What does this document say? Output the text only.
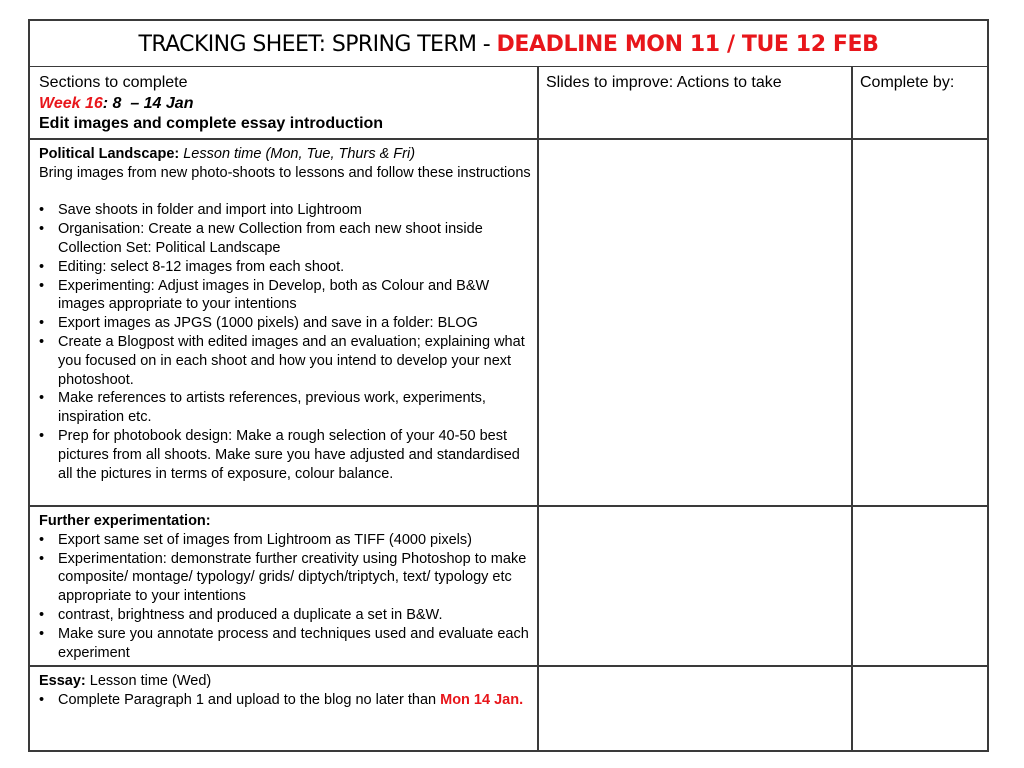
TRACKING SHEET: SPRING TERM - DEADLINE MON 11 / TUE 12 FEB
Sections to complete
Week 16: 8  – 14 Jan
Edit images and complete essay introduction
Slides to improve: Actions to take	Complete by:
Political Landscape: Lesson time (Mon, Tue, Thurs & Fri)
Bring images from new photo-shoots to lessons and follow these instructions
• Save shoots in folder and import into Lightroom
• Organisation: Create a new Collection from each new shoot inside Collection Set: Political Landscape
• Editing: select 8-12 images from each shoot.
• Experimenting: Adjust images in Develop, both as Colour and B&W images appropriate to your intentions
• Export images as JPGS (1000 pixels) and save in a folder: BLOG
• Create a Blogpost with edited images and an evaluation; explaining what you focused on in each shoot and how you intend to develop your next photoshoot.
• Make references to artists references, previous work, experiments, inspiration etc.
• Prep for photobook design: Make a rough selection of your 40-50 best pictures from all shoots. Make sure you have adjusted and standardised all the pictures in terms of exposure, colour balance.
Further experimentation:
• Export same set of images from Lightroom as TIFF (4000 pixels)
• Experimentation: demonstrate further creativity using Photoshop to make composite/ montage/ typology/ grids/ diptych/triptych, text/ typology etc appropriate to your intentions
• contrast, brightness and produced a duplicate a set in B&W.
• Make sure you annotate process and techniques used and evaluate each experiment
Essay: Lesson time (Wed)
• Complete Paragraph 1 and upload to the blog no later than Mon 14 Jan.
